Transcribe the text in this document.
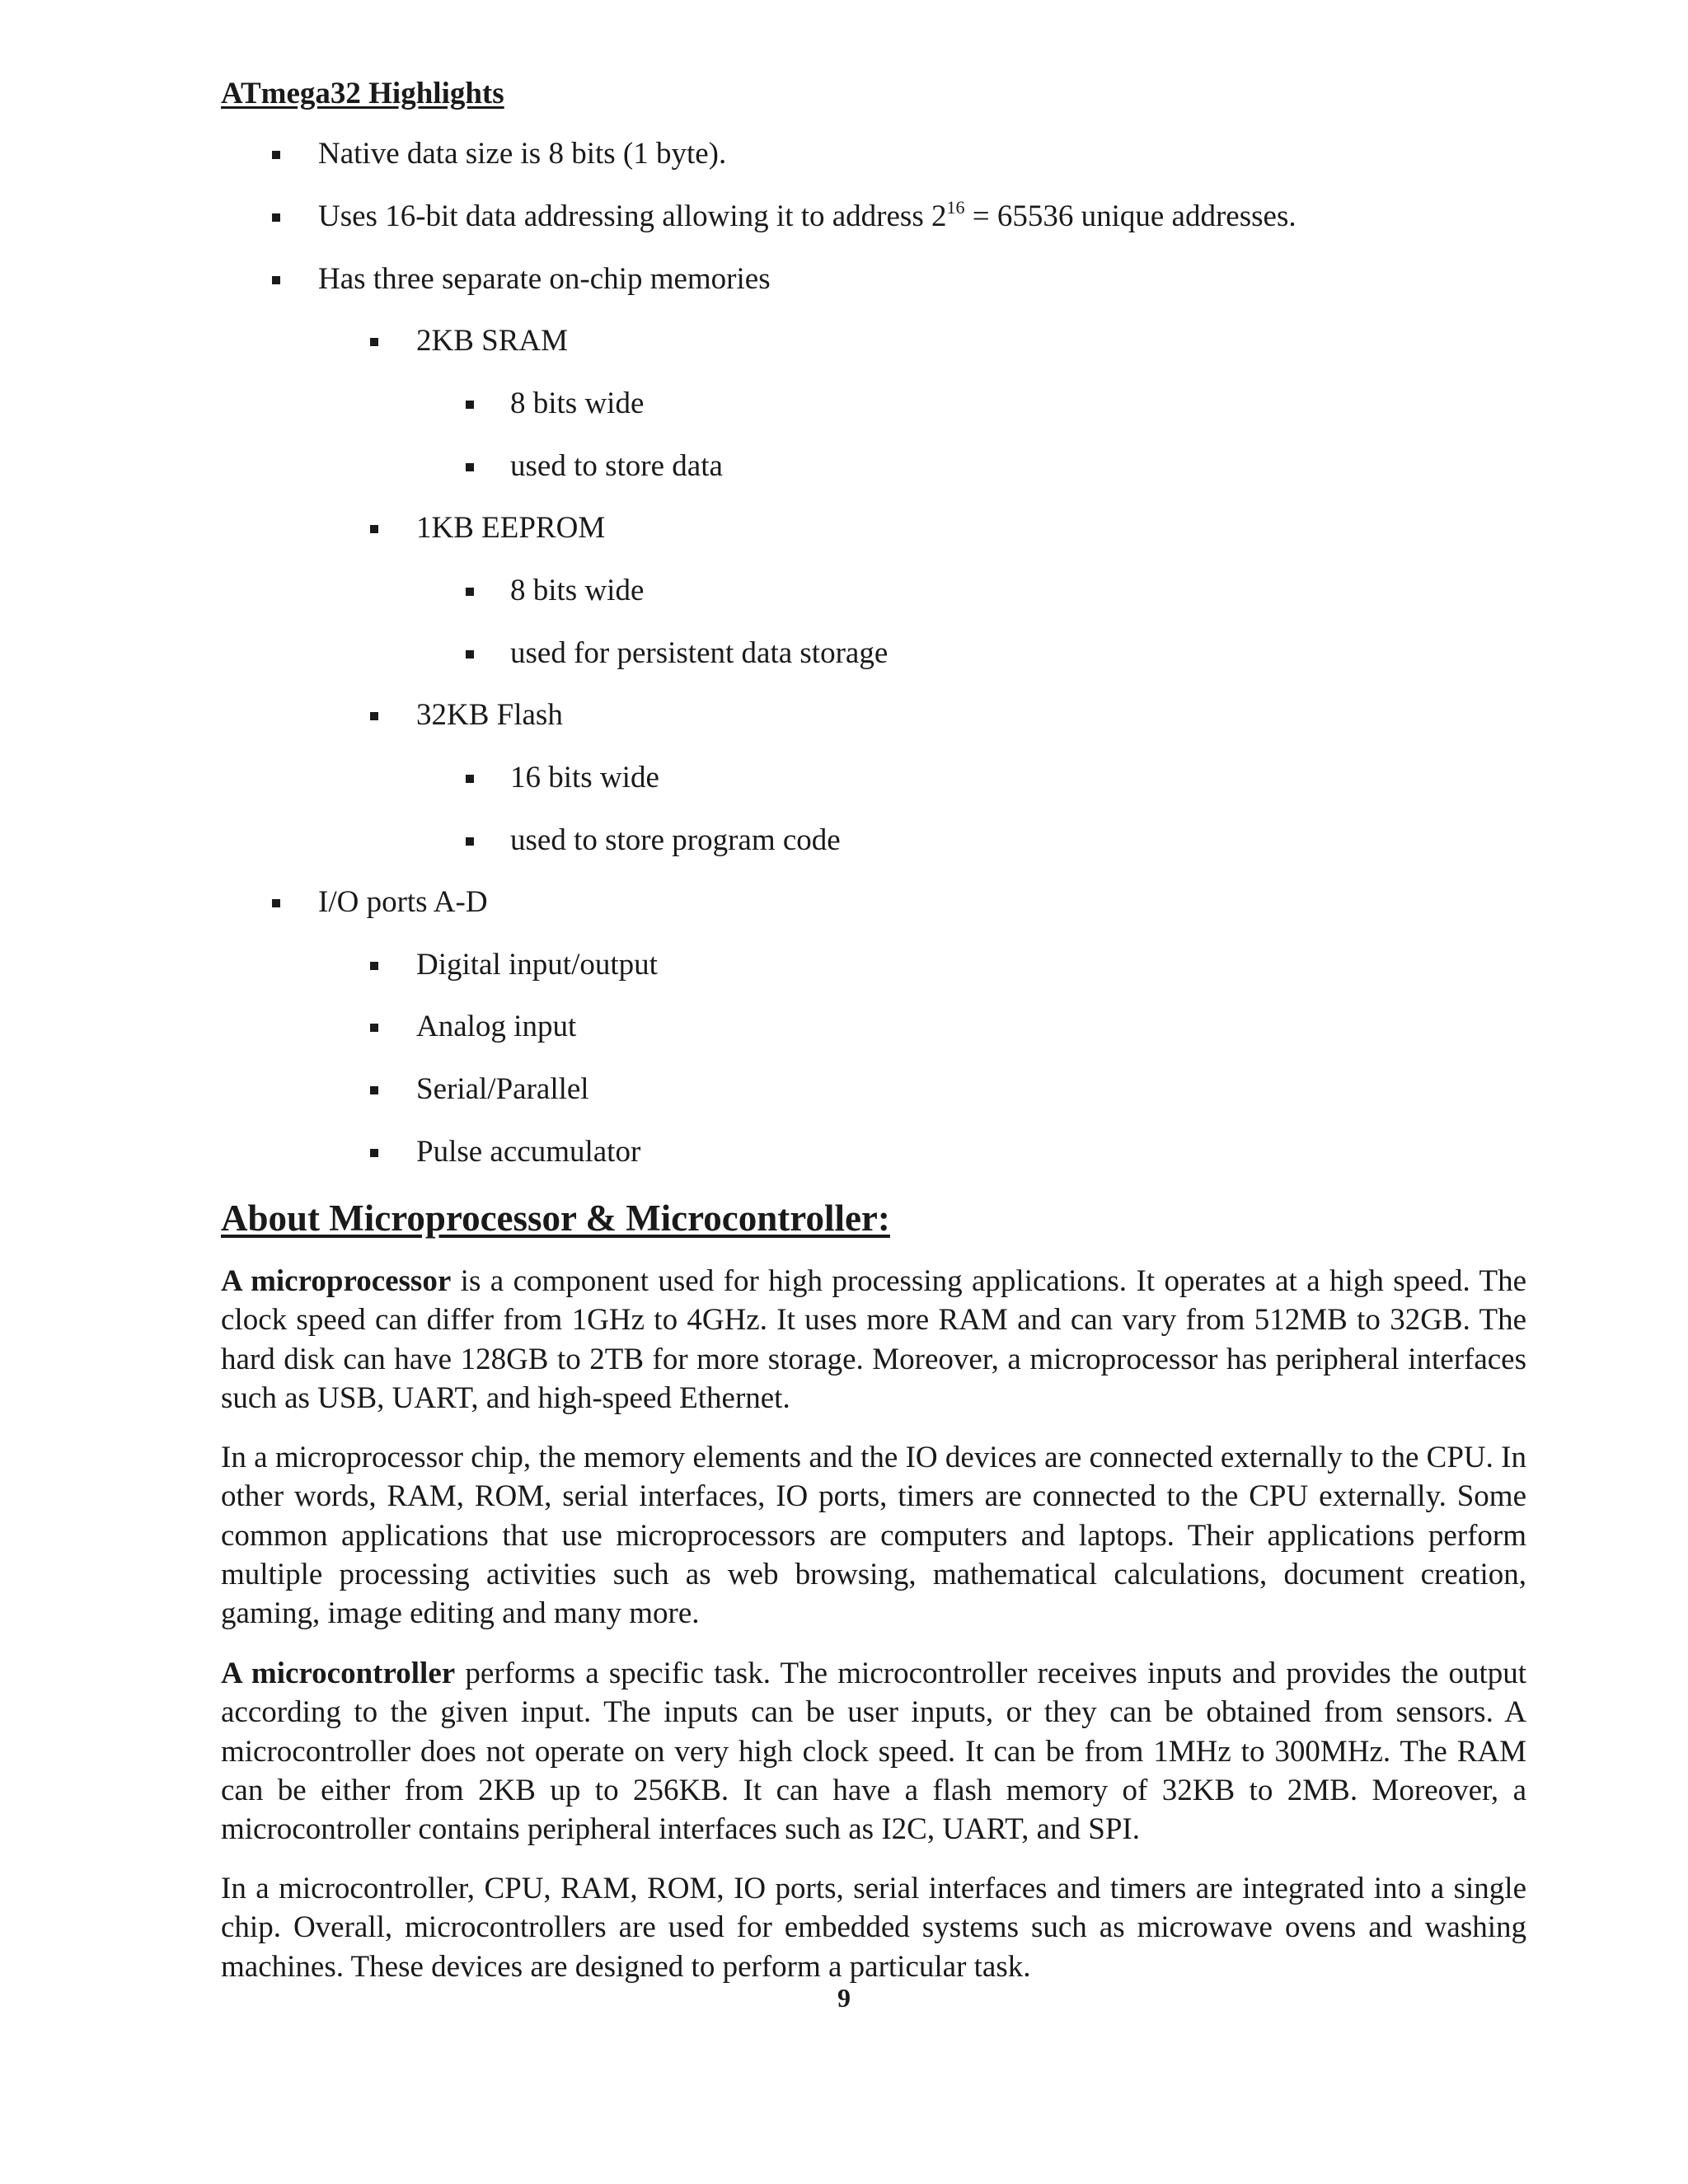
ATmega32 Highlights
Native data size is 8 bits (1 byte).
Uses 16-bit data addressing allowing it to address $2^{16} = 65536$ unique addresses.
Has three separate on-chip memories
2KB SRAM
8 bits wide
used to store data
1KB EEPROM
8 bits wide
used for persistent data storage
32KB Flash
16 bits wide
used to store program code
I/O ports A-D
Digital input/output
Analog input
Serial/Parallel
Pulse accumulator
About Microprocessor & Microcontroller:

A microprocessor is a component used for high processing applications. It operates at a high speed. The clock speed can differ from 1GHz to 4GHz. It uses more RAM and can vary from 512MB to 32GB. The hard disk can have 128GB to 2TB for more storage. Moreover, a microprocessor has peripheral interfaces such as USB, UART, and high-speed Ethernet.

In a microprocessor chip, the memory elements and the IO devices are connected externally to the CPU. In other words, RAM, ROM, serial interfaces, IO ports, timers are connected to the CPU externally. Some common applications that use microprocessors are computers and laptops. Their applications perform multiple processing activities such as web browsing, mathematical calculations, document creation, gaming, image editing and many more.

A microcontroller performs a specific task. The microcontroller receives inputs and provides the output according to the given input. The inputs can be user inputs, or they can be obtained from sensors. A microcontroller does not operate on very high clock speed. It can be from 1MHz to 300MHz. The RAM can be either from 2KB up to 256KB. It can have a flash memory of 32KB to 2MB. Moreover, a microcontroller contains peripheral interfaces such as I2C, UART, and SPI.

In a microcontroller, CPU, RAM, ROM, IO ports, serial interfaces and timers are integrated into a single chip. Overall, microcontrollers are used for embedded systems such as microwave ovens and washing machines. These devices are designed to perform a particular task.

9
